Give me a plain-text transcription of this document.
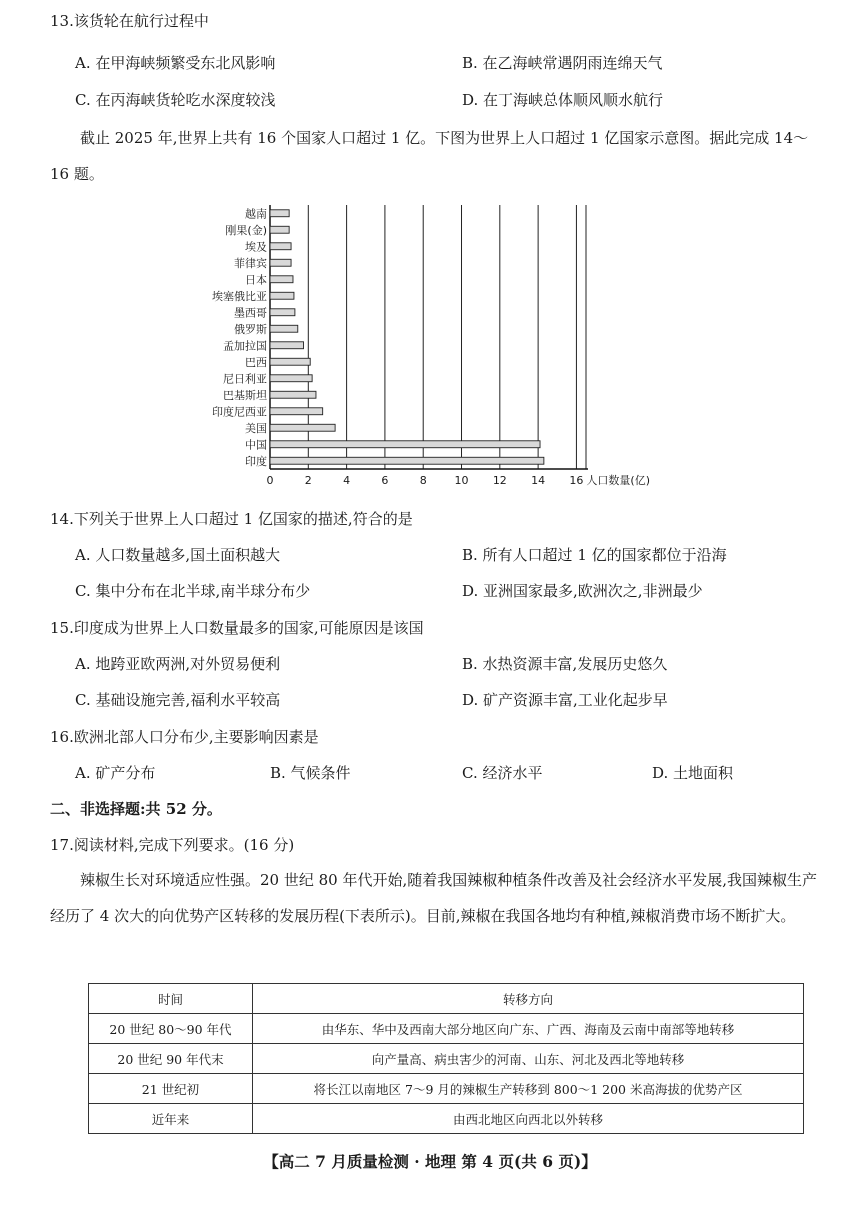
13.该货轮在航行过程中
A. 在甲海峡频繁受东北风影响	B. 在乙海峡常遇阴雨连绵天气
C. 在丙海峡货轮吃水深度较浅	D. 在丁海峡总体顺风顺水航行
截止 2025 年,世界上共有 16 个国家人口超过 1 亿。下图为世界上人口超过 1 亿国家示意图。据此完成 14～16 题。
0	2	4	6	8	10 12 14 16 人口数量(亿)
越南
刚果(金)
埃及
菲律宾
日本
埃塞俄比亚
墨西哥
俄罗斯
孟加拉国
巴西
尼日利亚
巴基斯坦
印度尼西亚
美国
中国
印度
14.下列关于世界上人口超过 1 亿国家的描述,符合的是
A. 人口数量越多,国土面积越大	B. 所有人口超过 1 亿的国家都位于沿海
C. 集中分布在北半球,南半球分布少	D. 亚洲国家最多,欧洲次之,非洲最少
15.印度成为世界上人口数量最多的国家,可能原因是该国
A. 地跨亚欧两洲,对外贸易便利	B. 水热资源丰富,发展历史悠久
C. 基础设施完善,福利水平较高	D. 矿产资源丰富,工业化起步早
16.欧洲北部人口分布少,主要影响因素是
A. 矿产分布	B. 气候条件	C. 经济水平	D. 土地面积
二、非选择题:共 52 分。
17.阅读材料,完成下列要求。(16 分)
辣椒生长对环境适应性强。20 世纪 80 年代开始,随着我国辣椒种植条件改善及社会经济水平发展,我国辣椒生产经历了 4 次大的向优势产区转移的发展历程(下表所示)。目前,辣椒在我国各地均有种植,辣椒消费市场不断扩大。
时间	转移方向
20 世纪 80～90 年代	由华东、华中及西南大部分地区向广东、广西、海南及云南中南部等地转移
20 世纪 90 年代末	向产量高、病虫害少的河南、山东、河北及西北等地转移
21 世纪初	将长江以南地区 7～9 月的辣椒生产转移到 800～1 200 米高海拔的优势产区
近年来	由西北地区向西北以外转移
【高二 7 月质量检测 · 地理 第 4 页(共 6 页)】
